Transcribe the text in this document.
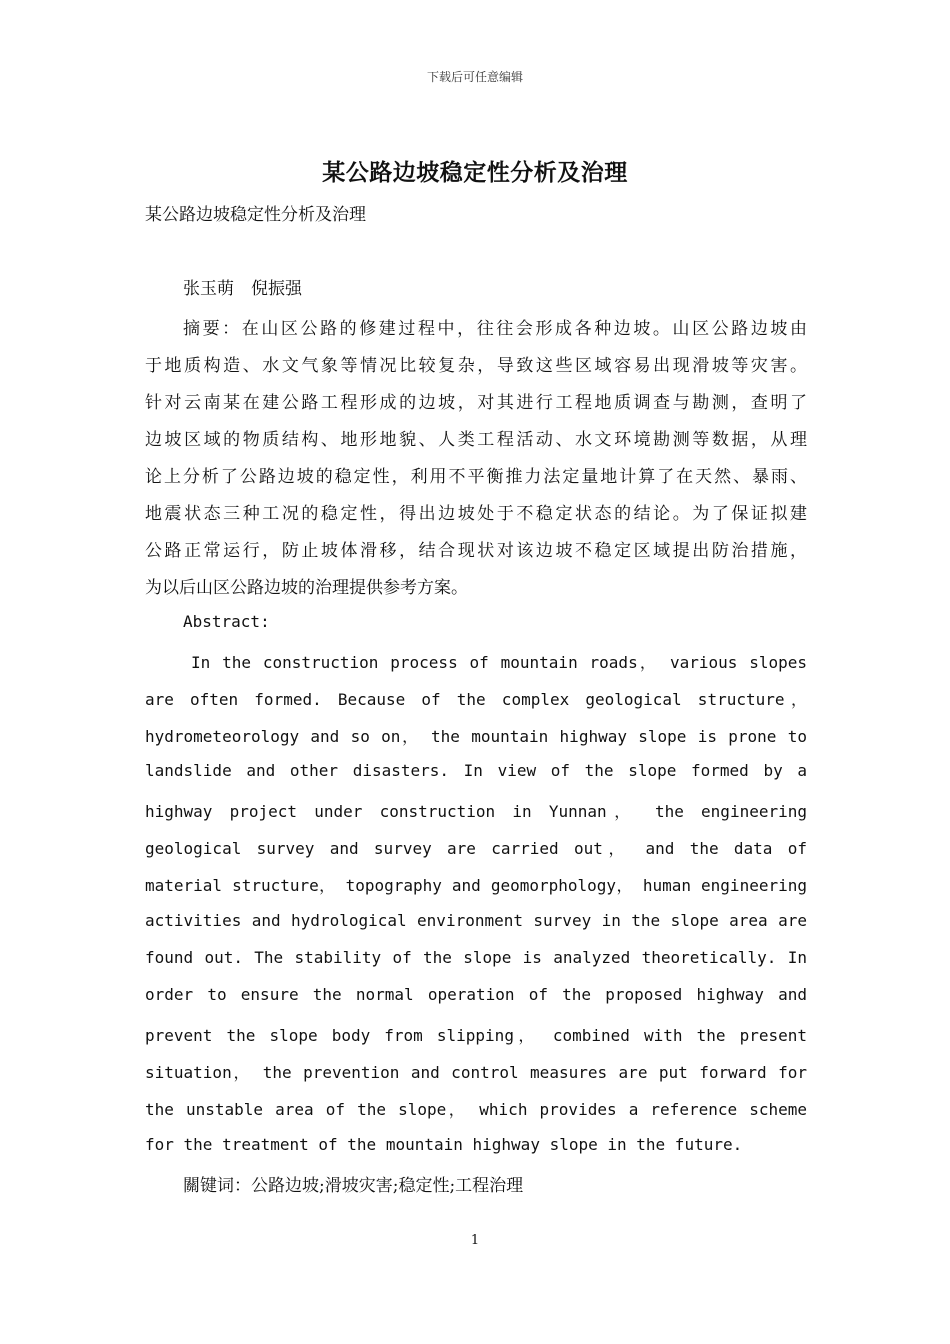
下载后可任意编辑
某公路边坡稳定性分析及治理
某公路边坡稳定性分析及治理
张玉萌　倪振强
摘要：在山区公路的修建过程中，往往会形成各种边坡。山区公路边坡由
于地质构造、水文气象等情况比较复杂，导致这些区域容易出现滑坡等灾害。
针对云南某在建公路工程形成的边坡，对其进行工程地质调查与勘测，查明了
边坡区域的物质结构、地形地貌、人类工程活动、水文环境勘测等数据，从理
论上分析了公路边坡的稳定性，利用不平衡推力法定量地计算了在天然、暴雨、
地震状态三种工况的稳定性，得出边坡处于不稳定状态的结论。为了保证拟建
公路正常运行，防止坡体滑移，结合现状对该边坡不稳定区域提出防治措施，
为以后山区公路边坡的治理提供参考方案。
Abstract:
In the construction process of mountain roads， various slopes
are often formed. Because of the complex geological structure，
hydrometeorology and so on， the mountain highway slope is prone to
landslide and other disasters. In view of the slope formed by a
highway project under construction in Yunnan， the engineering
geological survey and survey are carried out， and the data of
material structure， topography and geomorphology， human engineering
activities and hydrological environment survey in the slope area are
found out. The stability of the slope is analyzed theoretically. In
order to ensure the normal operation of the proposed highway and
prevent the slope body from slipping， combined with the present
situation， the prevention and control measures are put forward for
the unstable area of the slope， which provides a reference scheme
for the treatment of the mountain highway slope in the future.
關键词：公路边坡;滑坡灾害;稳定性;工程治理
1
